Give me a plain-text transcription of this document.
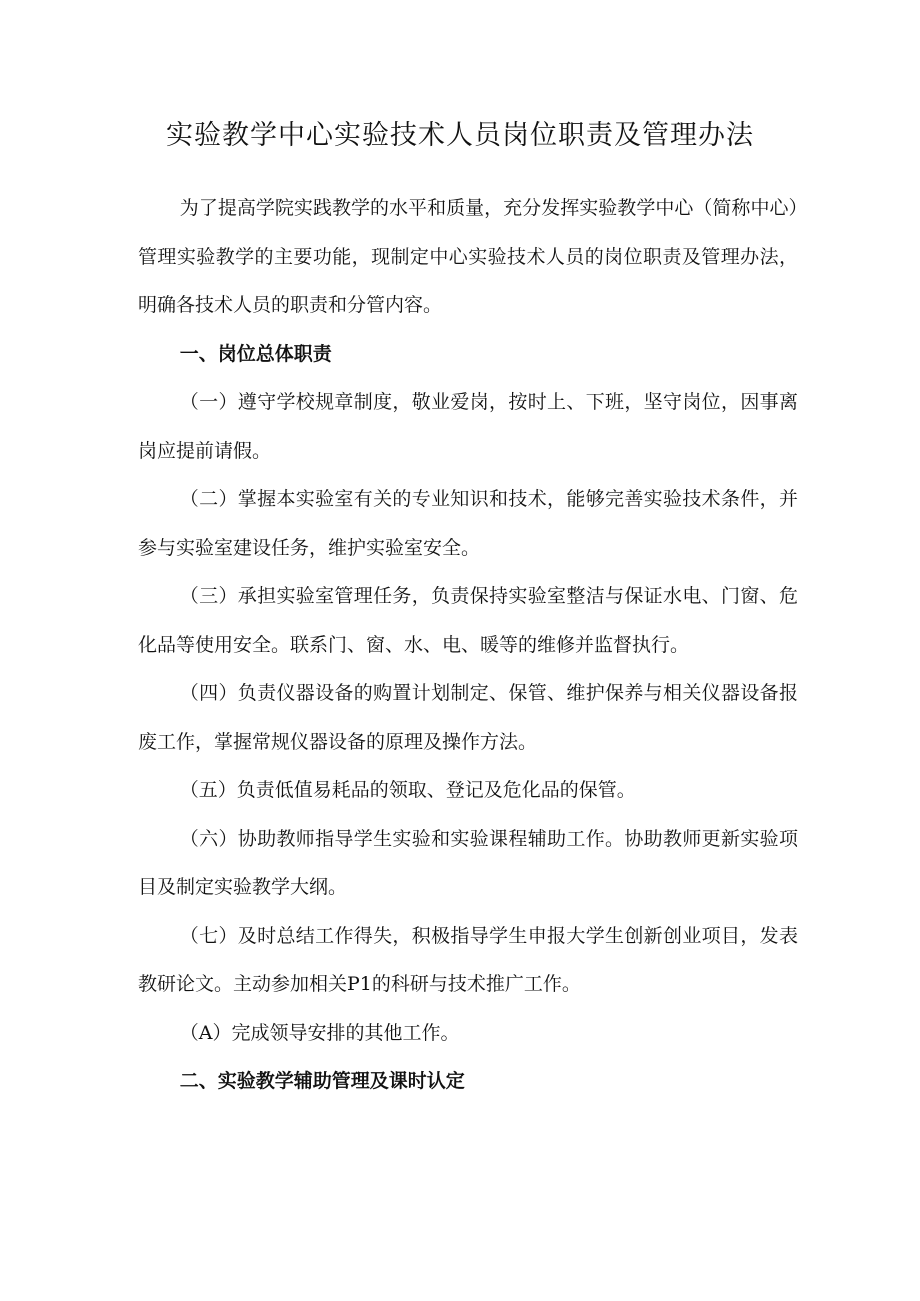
实验教学中心实验技术人员岗位职责及管理办法

为了提高学院实践教学的水平和质量，充分发挥实验教学中心（简称中心）管理实验教学的主要功能，现制定中心实验技术人员的岗位职责及管理办法，明确各技术人员的职责和分管内容。

一、岗位总体职责

（一）遵守学校规章制度，敬业爱岗，按时上、下班，坚守岗位，因事离岗应提前请假。

（二）掌握本实验室有关的专业知识和技术，能够完善实验技术条件，并参与实验室建设任务，维护实验室安全。

（三）承担实验室管理任务，负责保持实验室整洁与保证水电、门窗、危化品等使用安全。联系门、窗、水、电、暖等的维修并监督执行。

（四）负责仪器设备的购置计划制定、保管、维护保养与相关仪器设备报废工作，掌握常规仪器设备的原理及操作方法。

（五）负责低值易耗品的领取、登记及危化品的保管。

（六）协助教师指导学生实验和实验课程辅助工作。协助教师更新实验项目及制定实验教学大纲。

（七）及时总结工作得失，积极指导学生申报大学生创新创业项目，发表教研论文。主动参加相关P1的科研与技术推广工作。

（A）完成领导安排的其他工作。

二、实验教学辅助管理及课时认定
